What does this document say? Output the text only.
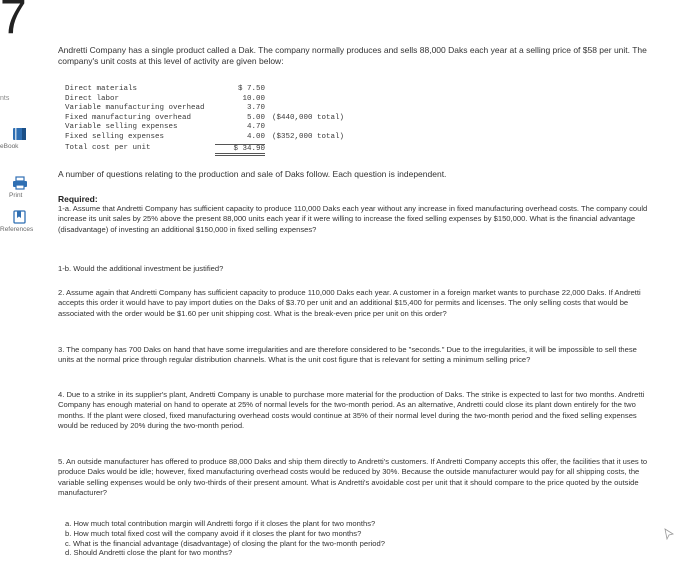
7
nts
eBook
Print
References

Andretti Company has a single product called a Dak. The company normally produces and sells 88,000 Daks each year at a selling price of $58 per unit. The company's unit costs at this level of activity are given below:

Direct materials	$ 7.50
Direct labor	10.00
Variable manufacturing overhead	3.70
Fixed manufacturing overhead	5.00 ($440,000 total)
Variable selling expenses	4.70
Fixed selling expenses	4.00 ($352,000 total)
Total cost per unit	$ 34.90

A number of questions relating to the production and sale of Daks follow. Each question is independent.

Required:

1-a. Assume that Andretti Company has sufficient capacity to produce 110,000 Daks each year without any increase in fixed manufacturing overhead costs. The company could increase its unit sales by 25% above the present 88,000 units each year if it were willing to increase the fixed selling expenses by $150,000. What is the financial advantage (disadvantage) of investing an additional $150,000 in fixed selling expenses?

1-b. Would the additional investment be justified?

2. Assume again that Andretti Company has sufficient capacity to produce 110,000 Daks each year. A customer in a foreign market wants to purchase 22,000 Daks. If Andretti accepts this order it would have to pay import duties on the Daks of $3.70 per unit and an additional $15,400 for permits and licenses. The only selling costs that would be associated with the order would be $1.60 per unit shipping cost. What is the break-even price per unit on this order?

3. The company has 700 Daks on hand that have some irregularities and are therefore considered to be "seconds." Due to the irregularities, it will be impossible to sell these units at the normal price through regular distribution channels. What is the unit cost figure that is relevant for setting a minimum selling price?

4. Due to a strike in its supplier's plant, Andretti Company is unable to purchase more material for the production of Daks. The strike is expected to last for two months. Andretti Company has enough material on hand to operate at 25% of normal levels for the two-month period. As an alternative, Andretti could close its plant down entirely for the two months. If the plant were closed, fixed manufacturing overhead costs would continue at 35% of their normal level during the two-month period and the fixed selling expenses would be reduced by 20% during the two-month period.

5. An outside manufacturer has offered to produce 88,000 Daks and ship them directly to Andretti's customers. If Andretti Company accepts this offer, the facilities that it uses to produce Daks would be idle; however, fixed manufacturing overhead costs would be reduced by 30%. Because the outside manufacturer would pay for all shipping costs, the variable selling expenses would be only two-thirds of their present amount. What is Andretti's avoidable cost per unit that it should compare to the price quoted by the outside manufacturer?

a. How much total contribution margin will Andretti forgo if it closes the plant for two months?

b. How much total fixed cost will the company avoid if it closes the plant for two months?

c. What is the financial advantage (disadvantage) of closing the plant for the two-month period?

d. Should Andretti close the plant for two months?
